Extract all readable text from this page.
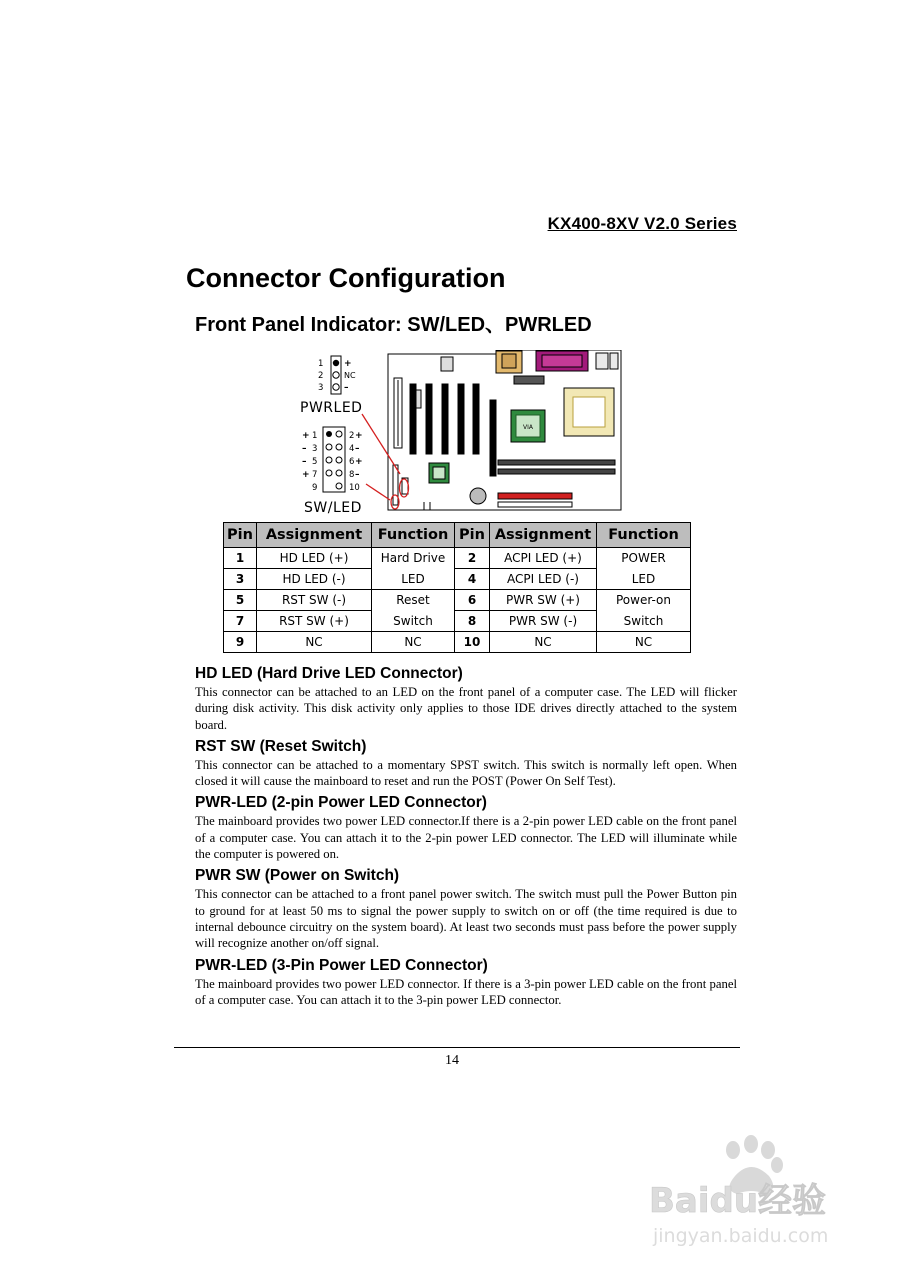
KX400-8XV V2.0 Series
Connector Configuration
Front Panel Indicator: SW/LED、PWRLED
1
2
3
+
NC
–
PWRLED
+
–
–
+
1
3
5
7
9
2
4
6
8
10
+
–
+
–
SW/LED
VIA
Pin	Assignment	Function	Pin	Assignment	Function
1	HD LED (+)	Hard Drive	2	ACPI LED (+)	POWER
3	HD LED (-)	LED	4	ACPI LED (-)	LED
5	RST SW (-)	Reset	6	PWR SW (+)	Power-on
7	RST SW (+)	Switch	8	PWR SW (-)	Switch
9	NC	NC	10	NC	NC
HD LED (Hard Drive LED Connector)

This connector can be attached to an LED on the front panel of a computer case. The LED will flicker during disk activity. This disk activity only applies to those IDE drives directly attached to the system board.

RST SW (Reset Switch)

This connector can be attached to a momentary SPST switch. This switch is normally left open. When closed it will cause the mainboard to reset and run the POST (Power On Self Test).

PWR-LED (2-pin Power LED Connector)

The mainboard provides two power LED connector.If there is a 2-pin power LED cable on the front panel of a computer case. You can attach it to the 2-pin power LED connector. The LED will illuminate while the computer is powered on.

PWR SW (Power on Switch)

This connector can be attached to a front panel power switch. The switch must pull the Power Button pin to ground for at least 50 ms to signal the power supply to switch on or off (the time required is due to internal debounce circuitry on the system board). At least two seconds must pass before the power supply will recognize another on/off signal.

PWR-LED (3-Pin Power LED Connector)

The mainboard provides two power LED connector. If there is a 3-pin power LED cable on the front panel of a computer case. You can attach it to the 3-pin power LED connector.

14
Baidu经验
jingyan.baidu.com
